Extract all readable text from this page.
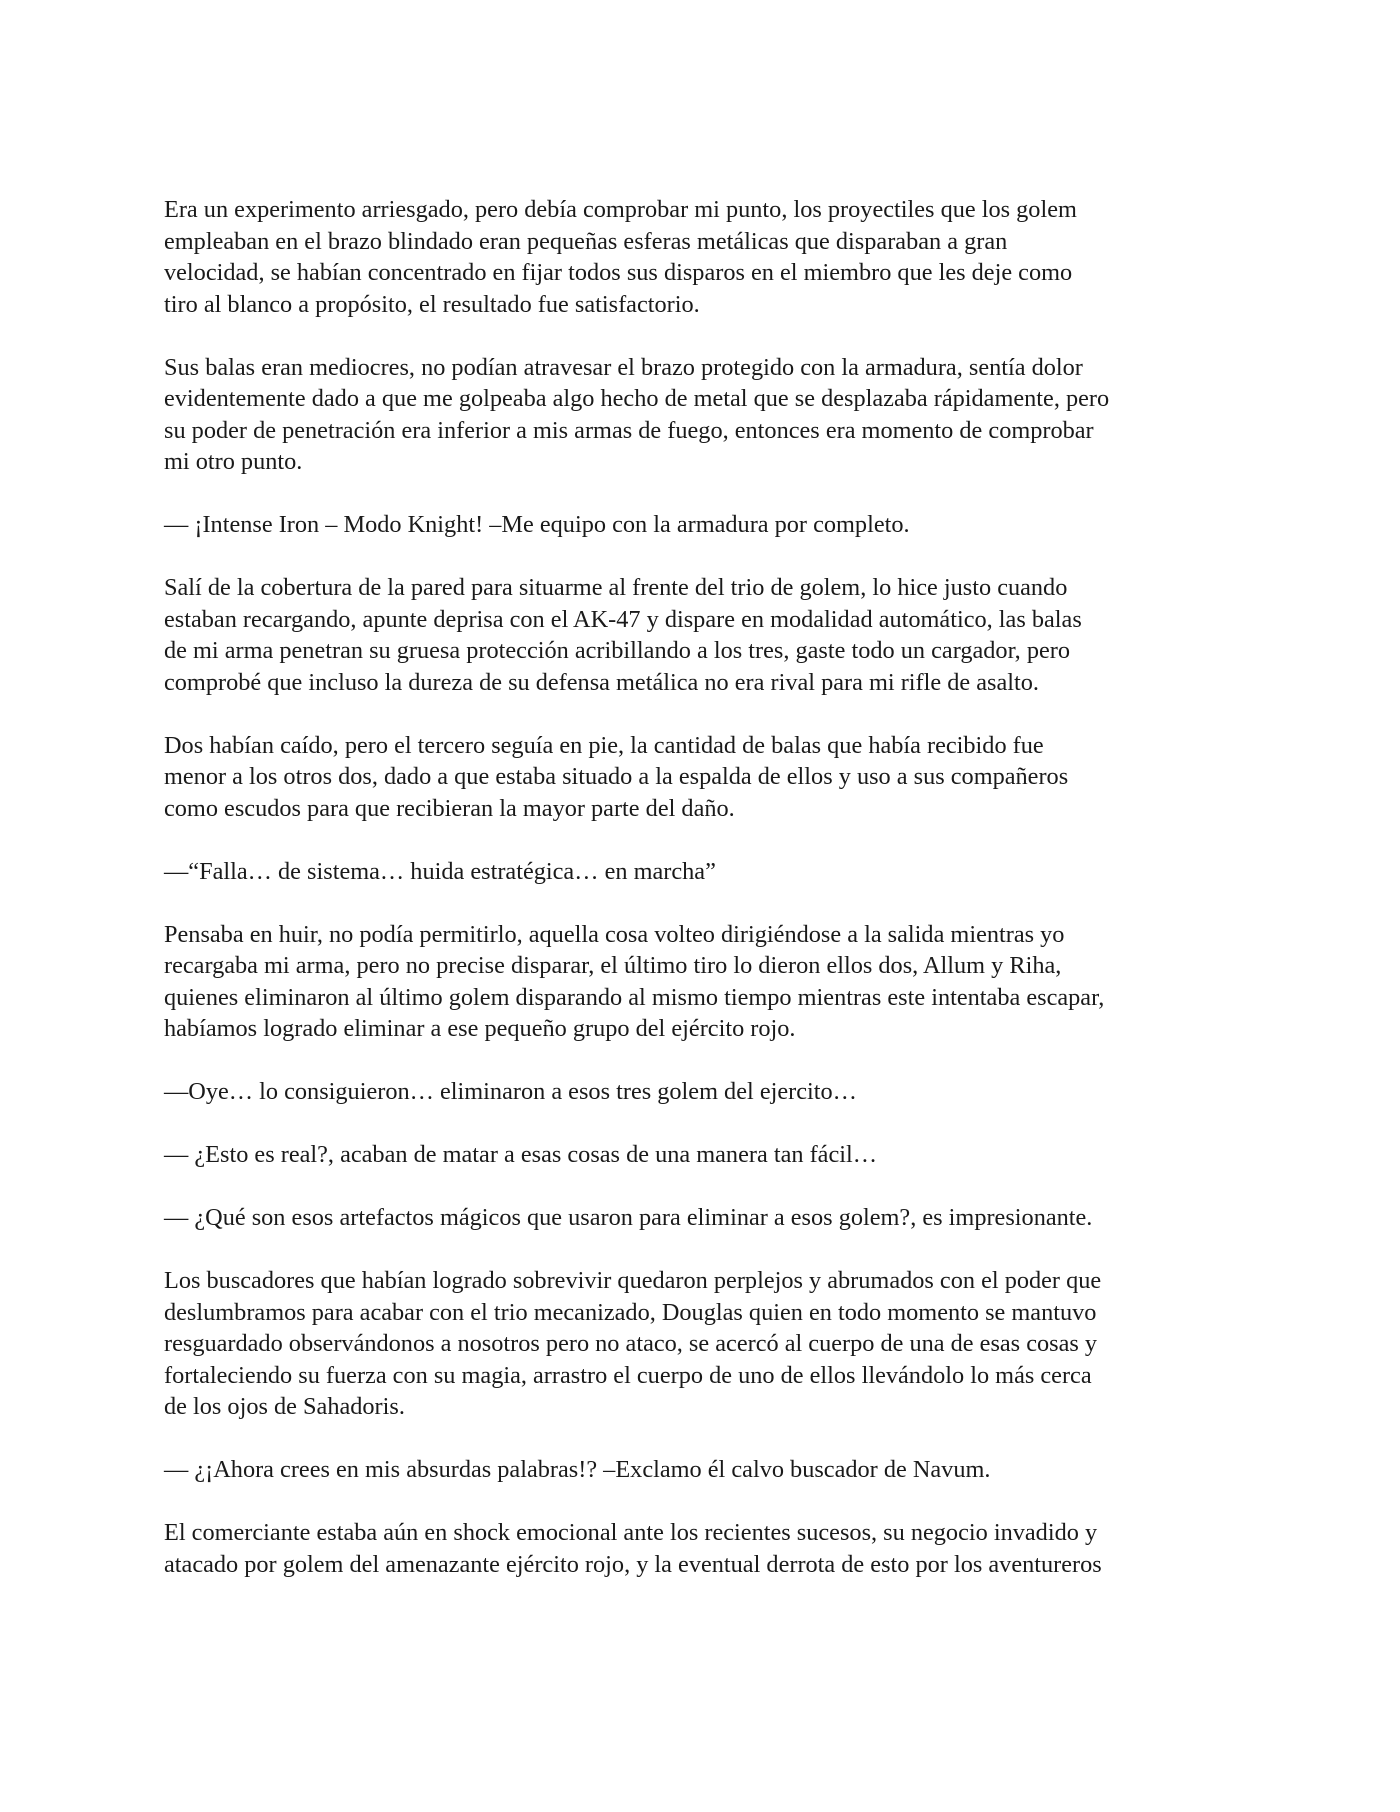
Era un experimento arriesgado, pero debía comprobar mi punto, los proyectiles que los golem
empleaban en el brazo blindado eran pequeñas esferas metálicas que disparaban a gran
velocidad, se habían concentrado en fijar todos sus disparos en el miembro que les deje como
tiro al blanco a propósito, el resultado fue satisfactorio.

Sus balas eran mediocres, no podían atravesar el brazo protegido con la armadura, sentía dolor
evidentemente dado a que me golpeaba algo hecho de metal que se desplazaba rápidamente, pero
su poder de penetración era inferior a mis armas de fuego, entonces era momento de comprobar
mi otro punto.

— ¡Intense Iron – Modo Knight! –Me equipo con la armadura por completo.

Salí de la cobertura de la pared para situarme al frente del trio de golem, lo hice justo cuando
estaban recargando, apunte deprisa con el AK-47 y dispare en modalidad automático, las balas
de mi arma penetran su gruesa protección acribillando a los tres, gaste todo un cargador, pero
comprobé que incluso la dureza de su defensa metálica no era rival para mi rifle de asalto.

Dos habían caído, pero el tercero seguía en pie, la cantidad de balas que había recibido fue
menor a los otros dos, dado a que estaba situado a la espalda de ellos y uso a sus compañeros
como escudos para que recibieran la mayor parte del daño.

—“Falla… de sistema… huida estratégica… en marcha”

Pensaba en huir, no podía permitirlo, aquella cosa volteo dirigiéndose a la salida mientras yo
recargaba mi arma, pero no precise disparar, el último tiro lo dieron ellos dos, Allum y Riha,
quienes eliminaron al último golem disparando al mismo tiempo mientras este intentaba escapar,
habíamos logrado eliminar a ese pequeño grupo del ejército rojo.

—Oye… lo consiguieron… eliminaron a esos tres golem del ejercito…

— ¿Esto es real?, acaban de matar a esas cosas de una manera tan fácil…

— ¿Qué son esos artefactos mágicos que usaron para eliminar a esos golem?, es impresionante.

Los buscadores que habían logrado sobrevivir quedaron perplejos y abrumados con el poder que
deslumbramos para acabar con el trio mecanizado, Douglas quien en todo momento se mantuvo
resguardado observándonos a nosotros pero no ataco, se acercó al cuerpo de una de esas cosas y
fortaleciendo su fuerza con su magia, arrastro el cuerpo de uno de ellos llevándolo lo más cerca
de los ojos de Sahadoris.

— ¿¡Ahora crees en mis absurdas palabras!? –Exclamo él calvo buscador de Navum.

El comerciante estaba aún en shock emocional ante los recientes sucesos, su negocio invadido y
atacado por golem del amenazante ejército rojo, y la eventual derrota de esto por los aventureros
